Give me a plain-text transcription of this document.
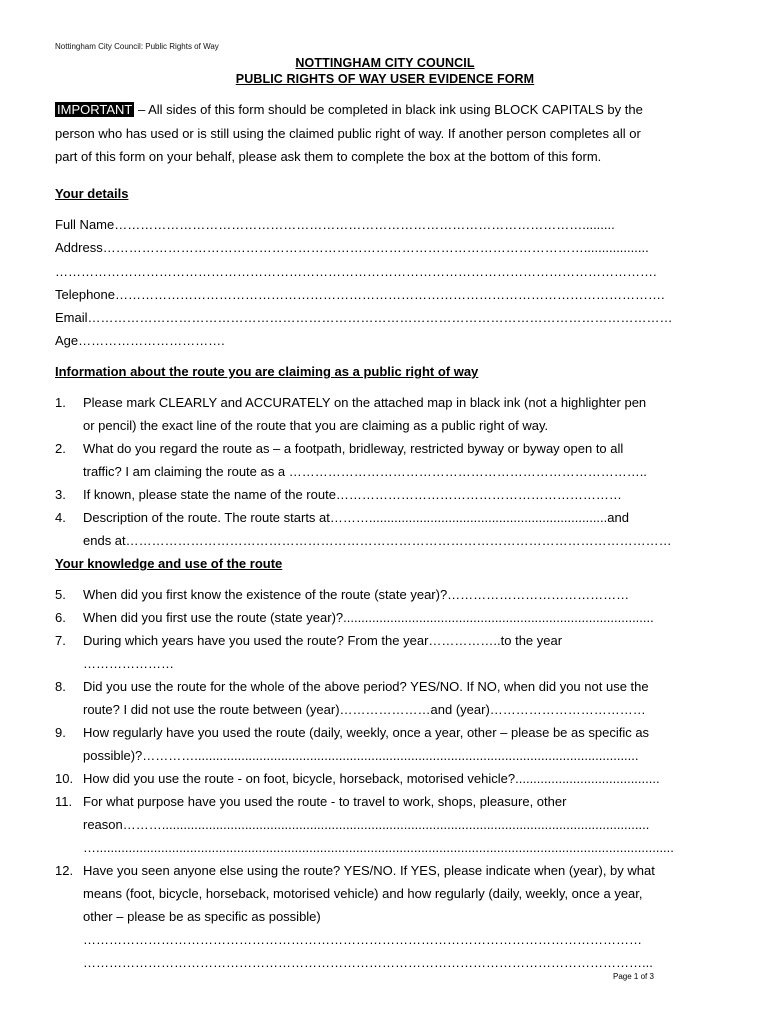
Nottingham City Council: Public Rights of Way
NOTTINGHAM CITY COUNCIL
PUBLIC RIGHTS OF WAY USER EVIDENCE FORM
IMPORTANT – All sides of this form should be completed in black ink using BLOCK CAPITALS by the
person who has used or is still using the claimed public right of way. If another person completes all or
part of this form on your behalf, please ask them to complete the box at the bottom of this form.
Your details
Full Name……………………………………………………………………………………………….........
Address…………………………………………………………………………………………………..................
………………………………………………………………………………………………………………………….
Telephone……………………………………………………………………………………………………………….
Email………………………………………………………………………………………………………………………
Age…………………………….
Information about the route you are claiming as a public right of way
1. Please mark CLEARLY and ACCURATELY on the attached map in black ink (not a highlighter pen
or pencil) the exact line of the route that you are claiming as a public right of way.
2. What do you regard the route as – a footpath, bridleway, restricted byway or byway open to all
traffic? I am claiming the route as a ………………………………………………………………………..
3. If known, please state the name of the route…………………………………………………………
4. Description of the route. The route starts at………..................................................................and
ends at………………………………………………………………………………………………………………
Your knowledge and use of the route
5. When did you first know the existence of the route (state year)?……………………………………
6. When did you first use the route (state year)?......................................................................................
7. During which years have you used the route? From the year……………..to the year
…………………
8. Did you use the route for the whole of the above period? YES/NO. If NO, when did you not use the
route? I did not use the route between (year)…………………and (year)………………………………
9. How regularly have you used the route (daily, weekly, once a year, other – please be as specific as
possible)?…………...........................................................................................................................
10. How did you use the route - on foot, bicycle, horseback, motorised vehicle?........................................
11. For what purpose have you used the route - to travel to work, shops, pleasure, other
reason……….......................................................................................................................................
…................................................................................................................................................................
12. Have you seen anyone else using the route? YES/NO. If YES, please indicate when (year), by what
means (foot, bicycle, horseback, motorised vehicle) and how regularly (daily, weekly, once a year,
other – please be as specific as possible)
…………………………………………………………………………………………………………………
…………………………………………………………………………………………………………………...
Page 1 of 3
